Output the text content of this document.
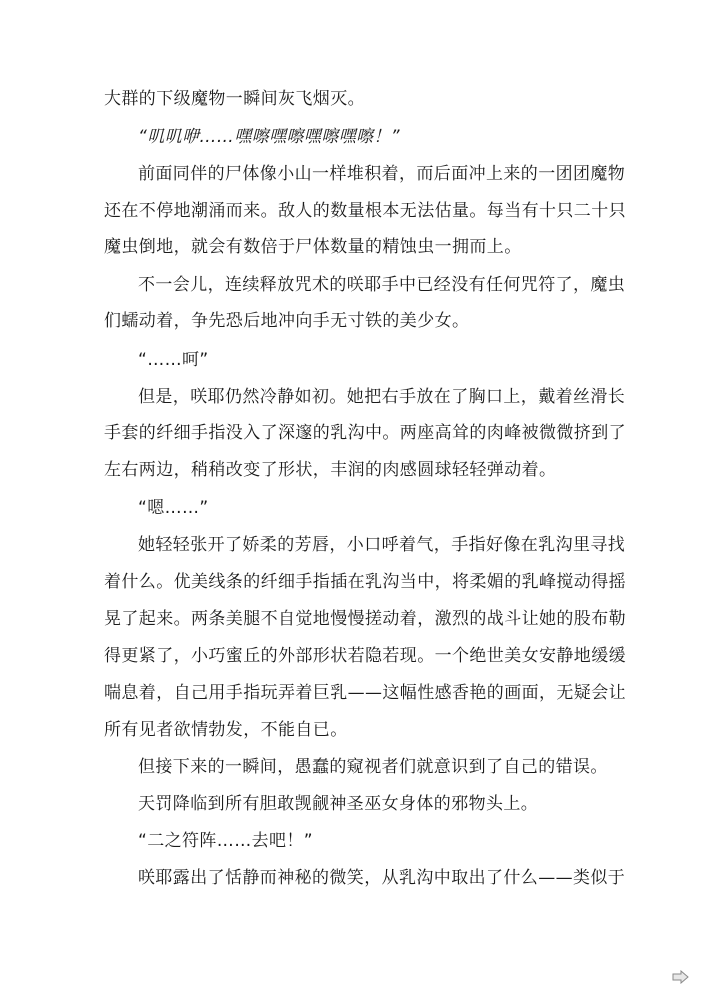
大群的下级魔物一瞬间灰飞烟灭。
“叽叽咿……嘿嚓嘿嚓嘿嚓嘿嚓！”
前面同伴的尸体像小山一样堆积着，而后面冲上来的一团团魔物
还在不停地潮涌而来。敌人的数量根本无法估量。每当有十只二十只
魔虫倒地，就会有数倍于尸体数量的精蚀虫一拥而上。
不一会儿，连续释放咒术的咲耶手中已经没有任何咒符了，魔虫
们蠕动着，争先恐后地冲向手无寸铁的美少女。
“……呵”
但是，咲耶仍然冷静如初。她把右手放在了胸口上，戴着丝滑长
手套的纤细手指没入了深邃的乳沟中。两座高耸的肉峰被微微挤到了
左右两边，稍稍改变了形状，丰润的肉感圆球轻轻弹动着。
“嗯……”
她轻轻张开了娇柔的芳唇，小口呼着气，手指好像在乳沟里寻找
着什么。优美线条的纤细手指插在乳沟当中，将柔媚的乳峰搅动得摇
晃了起来。两条美腿不自觉地慢慢搓动着，激烈的战斗让她的股布勒
得更紧了，小巧蜜丘的外部形状若隐若现。一个绝世美女安静地缓缓
喘息着，自己用手指玩弄着巨乳——这幅性感香艳的画面，无疑会让
所有见者欲情勃发，不能自已。
但接下来的一瞬间，愚蠢的窥视者们就意识到了自己的错误。
天罚降临到所有胆敢觊觎神圣巫女身体的邪物头上。
“二之符阵……去吧！”
咲耶露出了恬静而神秘的微笑，从乳沟中取出了什么——类似于
